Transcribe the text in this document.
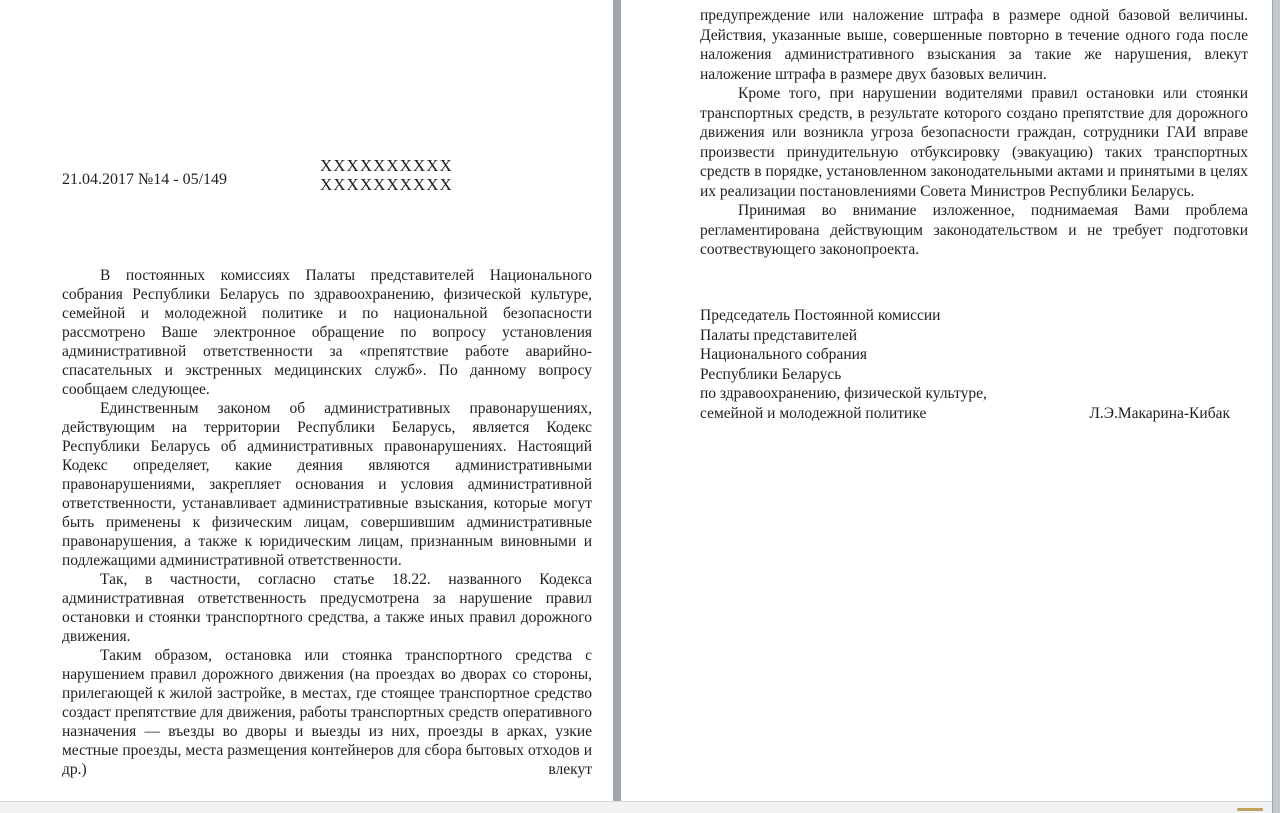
21.04.2017 №14 - 05/149
ХХХХХХХХХХ
ХХХХХХХХХХ

В постоянных комиссиях Палаты представителей Национального собрания Республики Беларусь по здравоохранению, физической культуре, семейной и молодежной политике и по национальной безопасности рассмотрено Ваше электронное обращение по вопросу установления административной ответственности за «препятствие работе аварийно-спасательных и экстренных медицинских служб». По данному вопросу сообщаем следующее.

Единственным законом об административных правонарушениях, действующим на территории Республики Беларусь, является Кодекс Республики Беларусь об административных правонарушениях. Настоящий Кодекс определяет, какие деяния являются административными правонарушениями, закрепляет основания и условия административной ответственности, устанавливает административные взыскания, которые могут быть применены к физическим лицам, совершившим административные правонарушения, а также к юридическим лицам, признанным виновными и подлежащими административной ответственности.

Так, в частности, согласно статье 18.22. названного Кодекса административная ответственность предусмотрена за нарушение правил остановки и стоянки транспортного средства, а также иных правил дорожного движения.

Таким образом, остановка или стоянка транспортного средства с нарушением правил дорожного движения (на проездах во дворах со стороны, прилегающей к жилой застройке, в местах, где стоящее транспортное средство создаст препятствие для движения, работы транспортных средств оперативного назначения — въезды во дворы и выезды из них, проезды в арках, узкие местные проезды, места размещения контейнеров для сбора бытовых отходов и др.) влекут

предупреждение или наложение штрафа в размере одной базовой величины. Действия, указанные выше, совершенные повторно в течение одного года после наложения административного взыскания за такие же нарушения, влекут наложение штрафа в размере двух базовых величин.

Кроме того, при нарушении водителями правил остановки или стоянки транспортных средств, в результате которого создано препятствие для дорожного движения или возникла угроза безопасности граждан, сотрудники ГАИ вправе произвести принудительную отбуксировку (эвакуацию) таких транспортных средств в порядке, установленном законодательными актами и принятыми в целях их реализации постановлениями Совета Министров Республики Беларусь.

Принимая во внимание изложенное, поднимаемая Вами проблема регламентирована действующим законодательством и не требует подготовки соотвествующего законопроекта.

Председатель Постоянной комиссии

Палаты представителей

Национального собрания

Республики Беларусь

по здравоохранению, физической культуре,

семейной и молодежной политике	Л.Э.Макарина-Кибак
